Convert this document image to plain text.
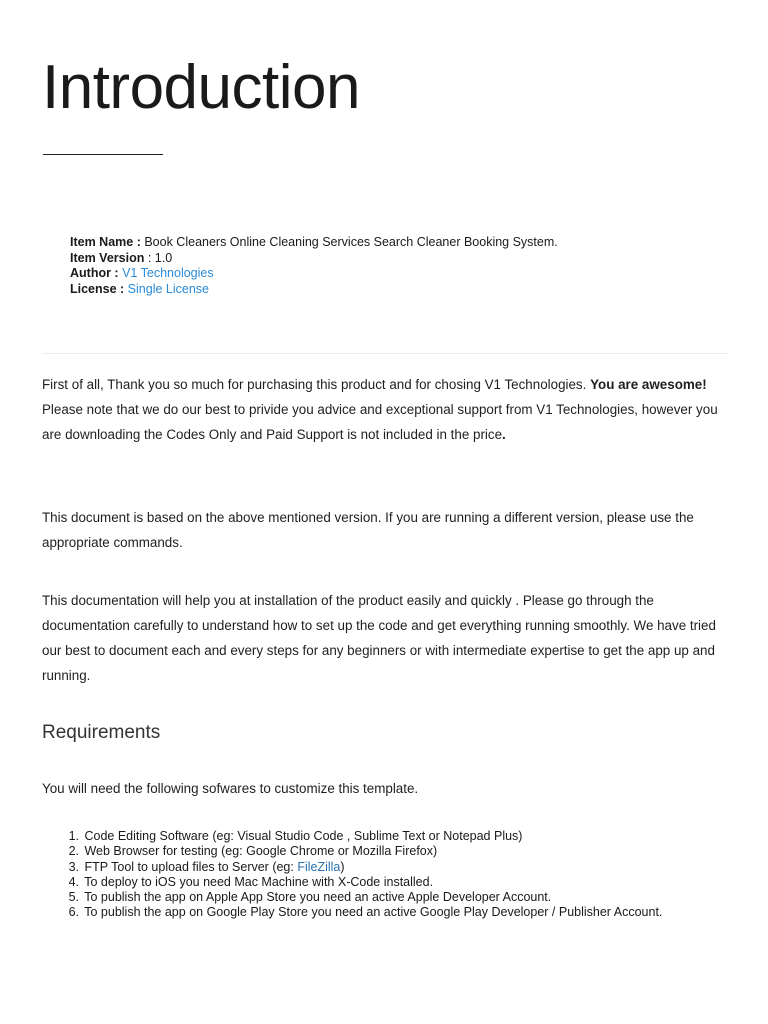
Introduction
Item Name : Book Cleaners Online Cleaning Services Search Cleaner Booking System.
Item Version : 1.0
Author : V1 Technologies
License : Single License

First of all, Thank you so much for purchasing this product and for chosing V1 Technologies. You are awesome!
Please note that we do our best to privide you advice and exceptional support from V1 Technologies, however you are downloading the Codes Only and Paid Support is not included in the price.

This document is based on the above mentioned version. If you are running a different version, please use the appropriate commands.

This documentation will help you at installation of the product easily and quickly . Please go through the documentation carefully to understand how to set up the code and get everything running smoothly. We have tried our best to document each and every steps for any beginners or with intermediate expertise to get the app up and running.

Requirements

You will need the following sofwares to customize this template.

1. Code Editing Software (eg: Visual Studio Code , Sublime Text or Notepad Plus)
2. Web Browser for testing (eg: Google Chrome or Mozilla Firefox)
3. FTP Tool to upload files to Server (eg: FileZilla)
4. To deploy to iOS you need Mac Machine with X-Code installed.
5. To publish the app on Apple App Store you need an active Apple Developer Account.
6. To publish the app on Google Play Store you need an active Google Play Developer / Publisher Account.
